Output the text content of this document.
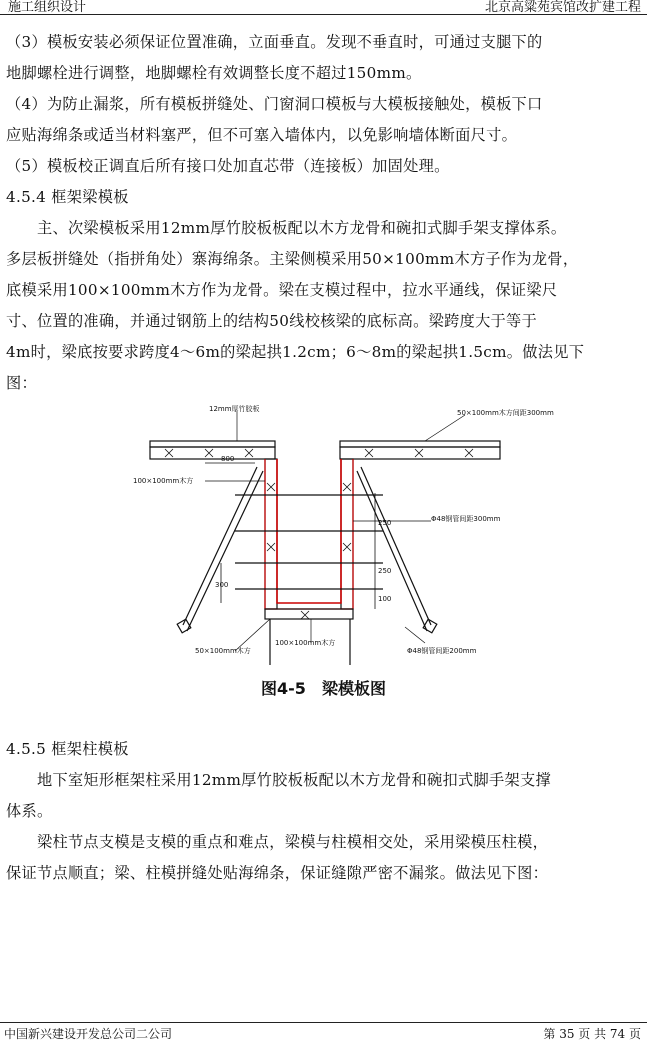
施工组织设计	北京高粱苑宾馆改扩建工程
（3）模板安装必须保证位置准确，立面垂直。发现不垂直时，可通过支腿下的
地脚螺栓进行调整，地脚螺栓有效调整长度不超过150mm。
（4）为防止漏浆，所有模板拼缝处、门窗洞口模板与大模板接触处，模板下口
应贴海绵条或适当材料塞严，但不可塞入墙体内，以免影响墙体断面尺寸。
（5）模板校正调直后所有接口处加直芯带（连接板）加固处理。
4.5.4 框架梁模板
　　主、次梁模板采用12mm厚竹胶板板配以木方龙骨和碗扣式脚手架支撑体系。
多层板拼缝处（指拼角处）寨海绵条。主梁侧模采用50×100mm木方子作为龙骨，
底模采用100×100mm木方作为龙骨。梁在支模过程中，拉水平通线，保证梁尺
寸、位置的准确，并通过钢筋上的结构50线校核梁的底标高。梁跨度大于等于
4m时，梁底按要求跨度4～6m的梁起拱1.2cm；6～8m的梁起拱1.5cm。做法见下
图：
12mm厚竹胶板	50×100mm木方间距300mm
100×100mm木方
Φ48钢管间距300mm
50×100mm木方
100×100mm木方
Φ48钢管间距200mm
800
300
250
250
100
图4-5　梁模板图
4.5.5 框架柱模板
　　地下室矩形框架柱采用12mm厚竹胶板板配以木方龙骨和碗扣式脚手架支撑
体系。
　　梁柱节点支模是支模的重点和难点，梁模与柱模相交处，采用梁模压柱模，
保证节点顺直；梁、柱模拼缝处贴海绵条，保证缝隙严密不漏浆。做法见下图：
中国新兴建设开发总公司二公司	第 35 页 共 74 页
